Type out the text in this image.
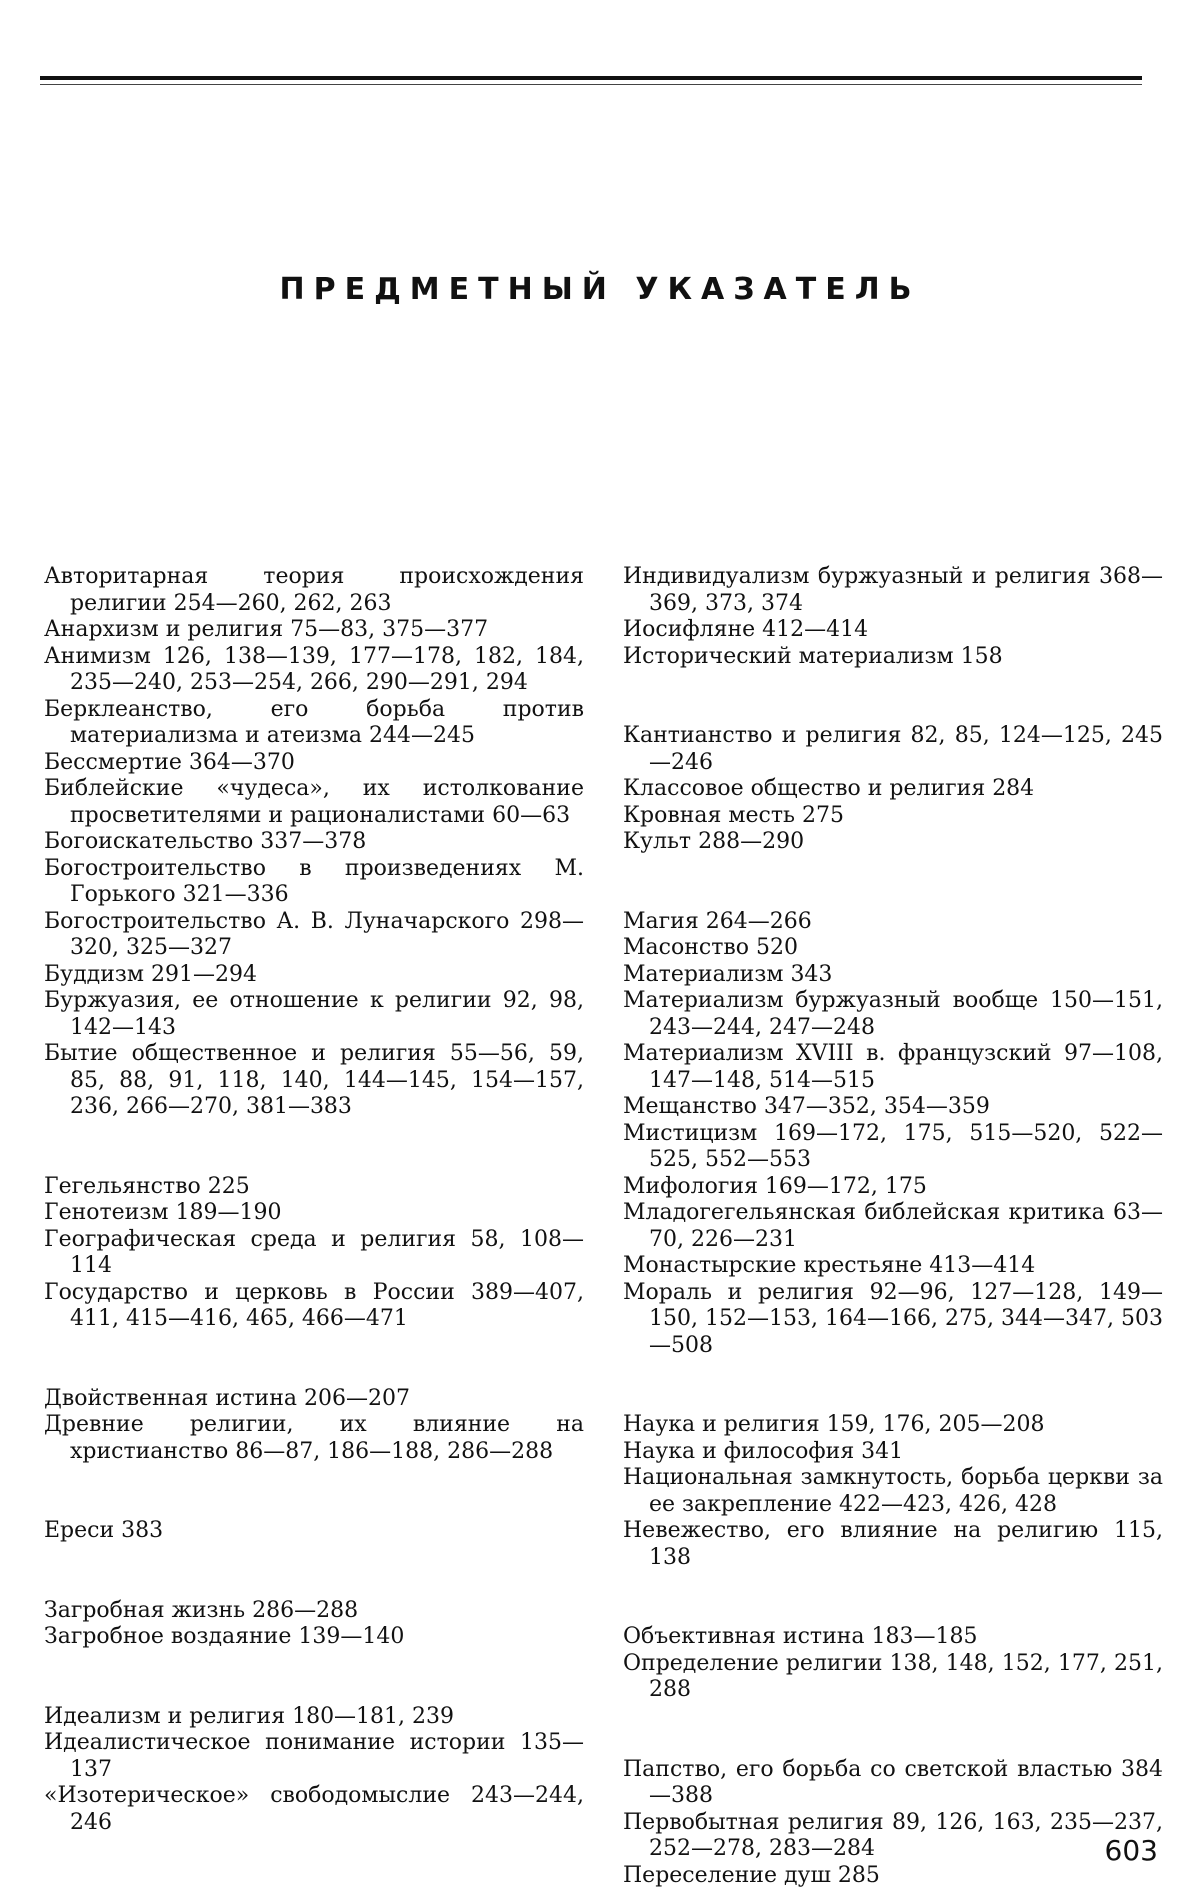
ПРЕДМЕТНЫЙ УКАЗАТЕЛЬ

Авторитарная теория происхождения религии 254—260, 262, 263

Анархизм и религия 75—83, 375—377

Анимизм 126, 138—139, 177—178, 182, 184, 235—240, 253—254, 266, 290—291, 294

Берклеанство, его борьба против материализма и атеизма 244—245

Бессмертие 364—370

Библейские «чудеса», их истолкование просветителями и рационалистами 60—63

Богоискательство 337—378

Богостроительство в произведениях М. Горького 321—336

Богостроительство А. В. Луначарского 298—320, 325—327

Буддизм 291—294

Буржуазия, ее отношение к религии 92, 98, 142—143

Бытие общественное и религия 55—56, 59, 85, 88, 91, 118, 140, 144—145, 154—157, 236, 266—270, 381—383

Гегельянство 225

Генотеизм 189—190

Географическая среда и религия 58, 108—114

Государство и церковь в России 389—407, 411, 415—416, 465, 466—471

Двойственная истина 206—207

Древние религии, их влияние на христианство 86—87, 186—188, 286—288

Ереси 383

Загробная жизнь 286—288

Загробное воздаяние 139—140

Идеализм и религия 180—181, 239

Идеалистическое понимание истории 135—137

«Изотерическое» свободомыслие 243—244, 246

Индивидуализм буржуазный и религия 368—369, 373, 374

Иосифляне 412—414

Исторический материализм 158

Кантианство и религия 82, 85, 124—125, 245—246

Классовое общество и религия 284

Кровная месть 275

Культ 288—290

Магия 264—266

Масонство 520

Материализм 343

Материализм буржуазный вообще 150—151, 243—244, 247—248

Материализм XVIII в. французский 97—108, 147—148, 514—515

Мещанство 347—352, 354—359

Мистицизм 169—172, 175, 515—520, 522—525, 552—553

Мифология 169—172, 175

Младогегельянская библейская критика 63—70, 226—231

Монастырские крестьяне 413—414

Мораль и религия 92—96, 127—128, 149—150, 152—153, 164—166, 275, 344—347, 503—508

Наука и религия 159, 176, 205—208

Наука и философия 341

Национальная замкнутость, борьба церкви за ее закрепление 422—423, 426, 428

Невежество, его влияние на религию 115, 138

Объективная истина 183—185

Определение религии 138, 148, 152, 177, 251, 288

Папство, его борьба со светской властью 384—388

Первобытная религия 89, 126, 163, 235—237, 252—278, 283—284

Переселение душ 285

603
